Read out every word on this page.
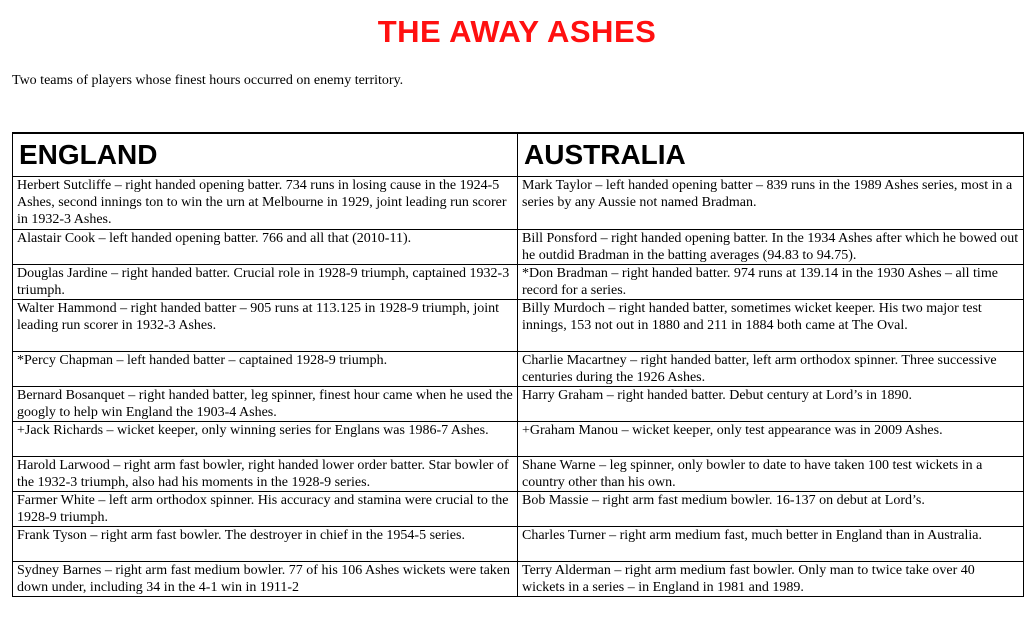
THE AWAY ASHES
Two teams of players whose finest hours occurred on enemy territory.
ENGLAND	AUSTRALIA

Herbert Sutcliffe – right handed opening batter. 734 runs in losing cause in the 1924-5 Ashes, second innings ton to win the urn at Melbourne in 1929, joint leading run scorer in 1932-3 Ashes.	Mark Taylor – left handed opening batter – 839 runs in the 1989 Ashes series, most in a series by any Aussie not named Bradman.

Alastair Cook – left handed opening batter. 766 and all that (2010-11).	Bill Ponsford – right handed opening batter. In the 1934 Ashes after which he bowed out he outdid Bradman in the batting averages (94.83 to 94.75).

Douglas Jardine – right handed batter. Crucial role in 1928-9 triumph, captained 1932-3 triumph.	*Don Bradman – right handed batter. 974 runs at 139.14 in the 1930 Ashes – all time record for a series.

Walter Hammond – right handed batter – 905 runs at 113.125 in 1928-9 triumph, joint leading run scorer in 1932-3 Ashes.	Billy Murdoch – right handed batter, sometimes wicket keeper. His two major test innings, 153 not out in 1880 and 211 in 1884 both came at The Oval.

*Percy Chapman – left handed batter – captained 1928-9 triumph.	Charlie Macartney – right handed batter, left arm orthodox spinner. Three successive centuries during the 1926 Ashes.

Bernard Bosanquet – right handed batter, leg spinner, finest hour came when he used the googly to help win England the 1903-4 Ashes.	Harry Graham – right handed batter. Debut century at Lord’s in 1890.

+Jack Richards – wicket keeper, only winning series for Englans was 1986-7 Ashes.	+Graham Manou – wicket keeper, only test appearance was in 2009 Ashes.

Harold Larwood – right arm fast bowler, right handed lower order batter. Star bowler of the 1932-3 triumph, also had his moments in the 1928-9 series.	Shane Warne – leg spinner, only bowler to date to have taken 100 test wickets in a country other than his own.

Farmer White – left arm orthodox spinner. His accuracy and stamina were crucial to the 1928-9 triumph.	Bob Massie – right arm fast medium bowler. 16-137 on debut at Lord’s.

Frank Tyson – right arm fast bowler. The destroyer in chief in the 1954-5 series.	Charles Turner – right arm medium fast, much better in England than in Australia.

Sydney Barnes – right arm fast medium bowler. 77 of his 106 Ashes wickets were taken down under, including 34 in the 4-1 win in 1911-2	Terry Alderman – right arm medium fast bowler. Only man to twice take over 40 wickets in a series – in England in 1981 and 1989.
